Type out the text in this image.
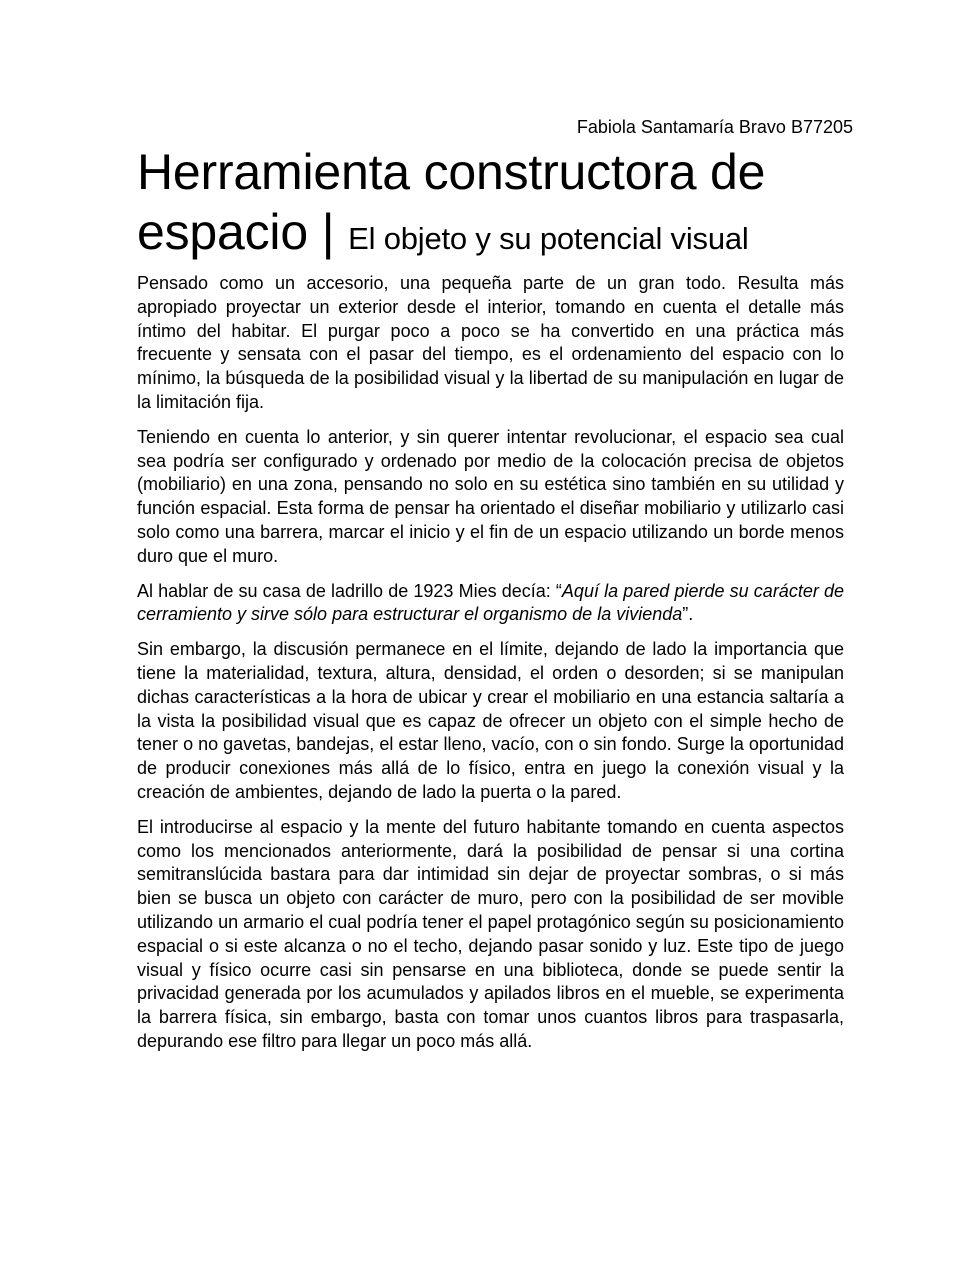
Fabiola Santamaría Bravo B77205
Herramienta constructora de espacio | El objeto y su potencial visual

Pensado como un accesorio, una pequeña parte de un gran todo. Resulta más apropiado proyectar un exterior desde el interior, tomando en cuenta el detalle más íntimo del habitar. El purgar poco a poco se ha convertido en una práctica más frecuente y sensata con el pasar del tiempo, es el ordenamiento del espacio con lo mínimo, la búsqueda de la posibilidad visual y la libertad de su manipulación en lugar de la limitación fija.

Teniendo en cuenta lo anterior, y sin querer intentar revolucionar, el espacio sea cual sea podría ser configurado y ordenado por medio de la colocación precisa de objetos (mobiliario) en una zona, pensando no solo en su estética sino también en su utilidad y función espacial. Esta forma de pensar ha orientado el diseñar mobiliario y utilizarlo casi solo como una barrera, marcar el inicio y el fin de un espacio utilizando un borde menos duro que el muro.

Al hablar de su casa de ladrillo de 1923 Mies decía: “Aquí la pared pierde su carácter de cerramiento y sirve sólo para estructurar el organismo de la vivienda”.

Sin embargo, la discusión permanece en el límite, dejando de lado la importancia que tiene la materialidad, textura, altura, densidad, el orden o desorden; si se manipulan dichas características a la hora de ubicar y crear el mobiliario en una estancia saltaría a la vista la posibilidad visual que es capaz de ofrecer un objeto con el simple hecho de tener o no gavetas, bandejas, el estar lleno, vacío, con o sin fondo. Surge la oportunidad de producir conexiones más allá de lo físico, entra en juego la conexión visual y la creación de ambientes, dejando de lado la puerta o la pared.

El introducirse al espacio y la mente del futuro habitante tomando en cuenta aspectos como los mencionados anteriormente, dará la posibilidad de pensar si una cortina semitranslúcida bastara para dar intimidad sin dejar de proyectar sombras, o si más bien se busca un objeto con carácter de muro, pero con la posibilidad de ser movible utilizando un armario el cual podría tener el papel protagónico según su posicionamiento espacial o si este alcanza o no el techo, dejando pasar sonido y luz. Este tipo de juego visual y físico ocurre casi sin pensarse en una biblioteca, donde se puede sentir la privacidad generada por los acumulados y apilados libros en el mueble, se experimenta la barrera física, sin embargo, basta con tomar unos cuantos libros para traspasarla, depurando ese filtro para llegar un poco más allá.
